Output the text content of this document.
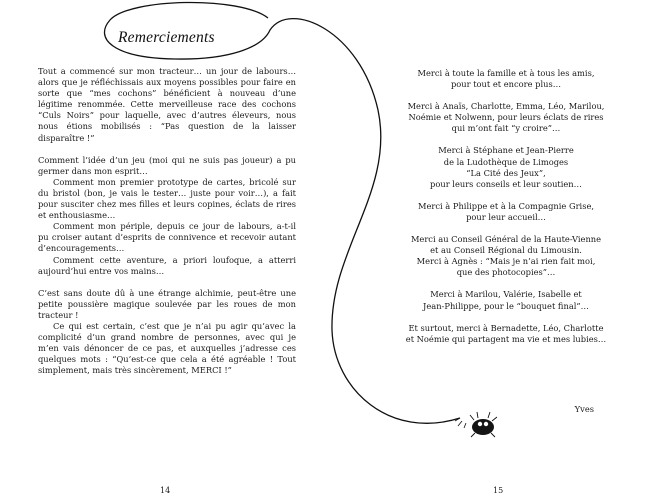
Remerciements

Tout a commencé sur mon tracteur… un jour de labours… alors que je réfléchissais aux moyens possibles pour faire en sorte que “mes cochons” bénéficient à nouveau d’une légitime renommée. Cette merveilleuse race des cochons “Culs Noirs” pour laquelle, avec d’autres éleveurs, nous nous étions mobilisés : “Pas question de la laisser disparaître !”

Comment l’idée d’un jeu (moi qui ne suis pas joueur) a pu germer dans mon esprit…

Comment mon premier prototype de cartes, bricolé sur du bristol (bon, je vais le tester… juste pour voir…), a fait pour susciter chez mes filles et leurs copines, éclats de rires et enthousiasme…

Comment mon périple, depuis ce jour de labours, a-t-il pu croiser autant d’esprits de connivence et recevoir autant d’encouragements…

Comment cette aventure, a priori loufoque, a atterri aujourd’hui entre vos mains…

C’est sans doute dû à une étrange alchimie, peut-être une petite poussière magique soulevée par les roues de mon tracteur !

Ce qui est certain, c’est que je n’ai pu agir qu’avec la complicité d’un grand nombre de personnes, avec qui je m’en vais dénoncer de ce pas, et auxquelles j’adresse ces quelques mots : “Qu’est-ce que cela a été agréable ! Tout simplement, mais très sincèrement, MERCI !”

Merci à toute la famille et à tous les amis,
pour tout et encore plus…

Merci à Anaïs, Charlotte, Emma, Léo, Marilou,
Noémie et Nolwenn, pour leurs éclats de rires
qui m’ont fait “y croire”…

Merci à Stéphane et Jean-Pierre
de la Ludothèque de Limoges
“La Cité des Jeux”,
pour leurs conseils et leur soutien…

Merci à Philippe et à la Compagnie Grise,
pour leur accueil…

Merci au Conseil Général de la Haute-Vienne
et au Conseil Régional du Limousin.
Merci à Agnès : “Mais je n’ai rien fait moi,
que des photocopies”…

Merci à Marilou, Valérie, Isabelle et
Jean-Philippe, pour le “bouquet final”…

Et surtout, merci à Bernadette, Léo, Charlotte
et Noémie qui partagent ma vie et mes lubies…

Yves

14	15
